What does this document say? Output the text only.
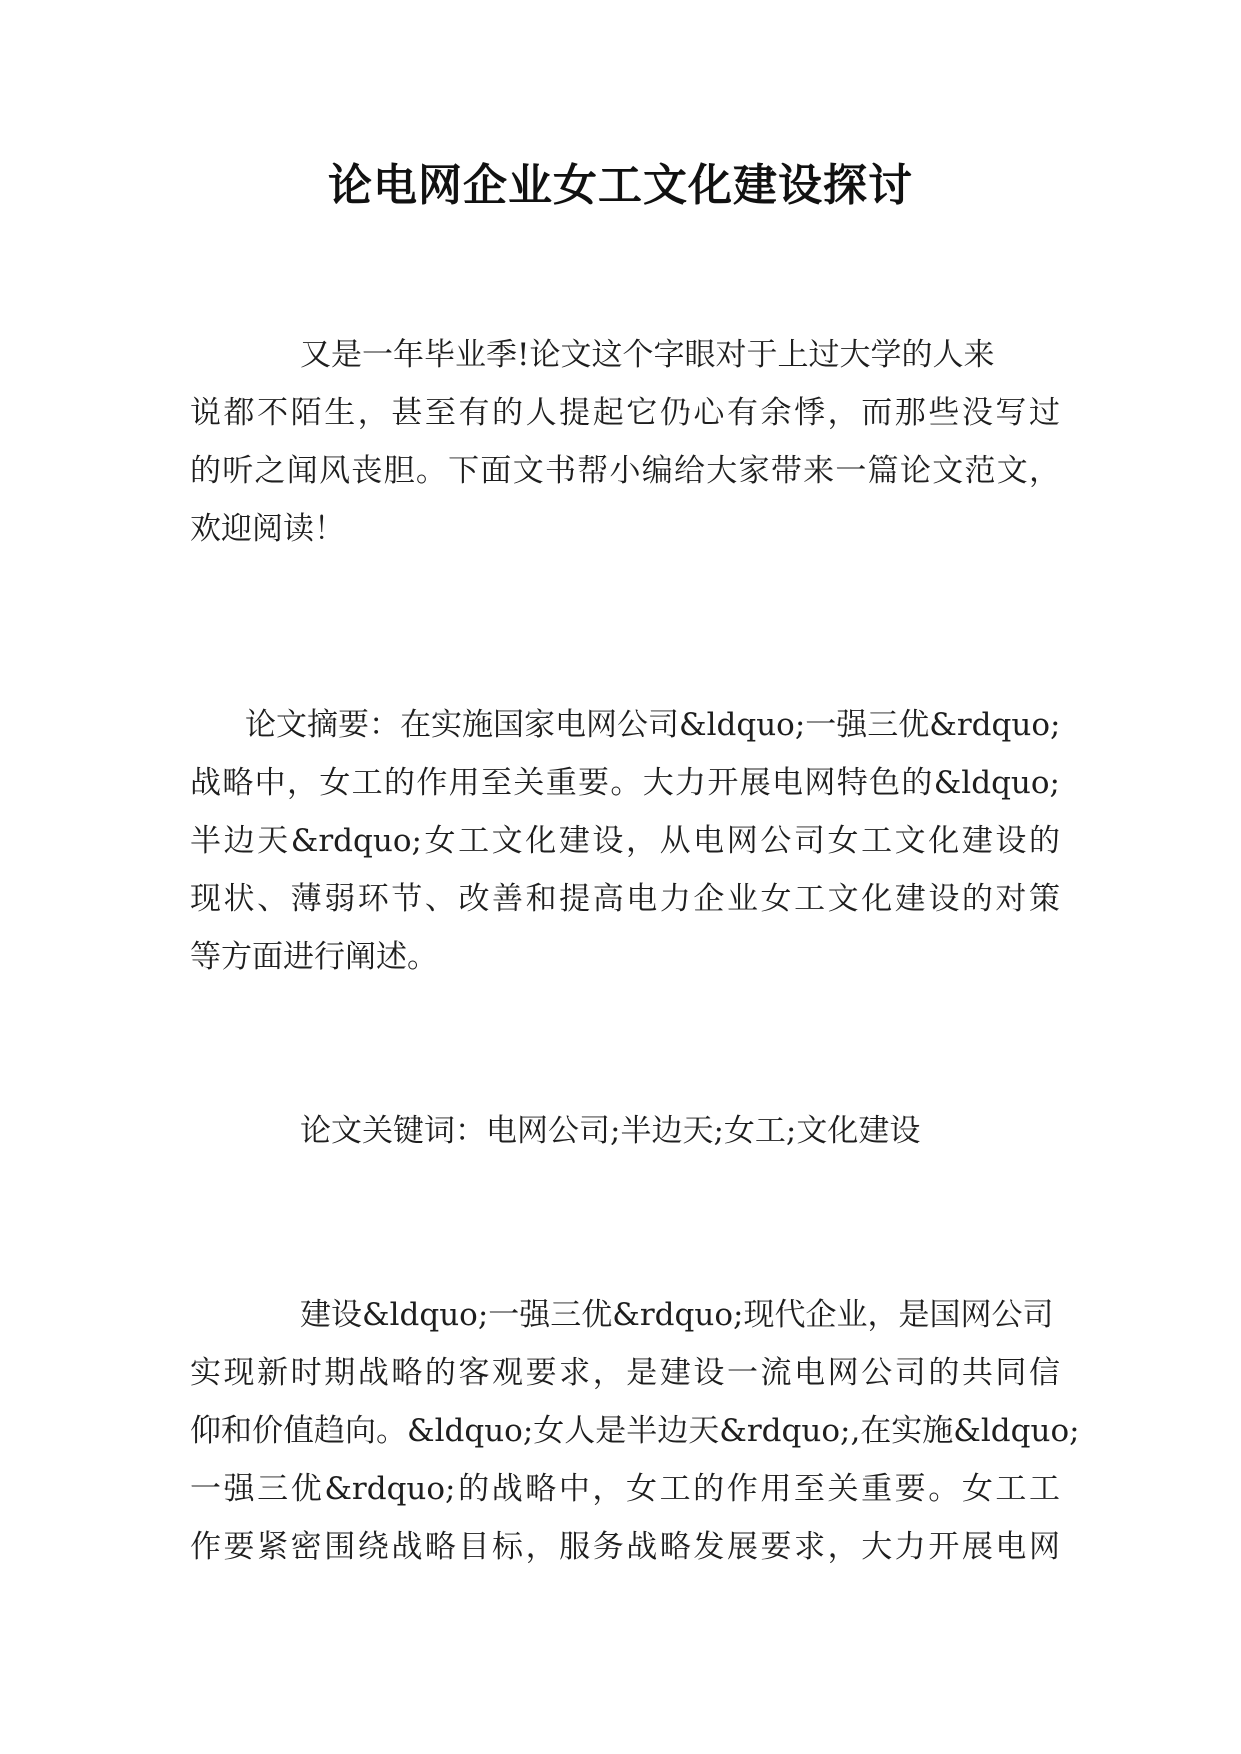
论电网企业女工文化建设探讨

又是一年毕业季!论文这个字眼对于上过大学的人来

说都不陌生，甚至有的人提起它仍心有余悸，而那些没写过

的听之闻风丧胆。下面文书帮小编给大家带来一篇论文范文，

欢迎阅读！

论文摘要：在实施国家电网公司&ldquo;一强三优&rdquo;

战略中，女工的作用至关重要。大力开展电网特色的&ldquo;

半边天&rdquo;女工文化建设，从电网公司女工文化建设的

现状、薄弱环节、改善和提高电力企业女工文化建设的对策

等方面进行阐述。

论文关键词：电网公司;半边天;女工;文化建设

建设&ldquo;一强三优&rdquo;现代企业，是国网公司

实现新时期战略的客观要求，是建设一流电网公司的共同信

仰和价值趋向。&ldquo;女人是半边天&rdquo;,在实施&ldquo;

一强三优&rdquo;的战略中，女工的作用至关重要。女工工

作要紧密围绕战略目标，服务战略发展要求，大力开展电网
